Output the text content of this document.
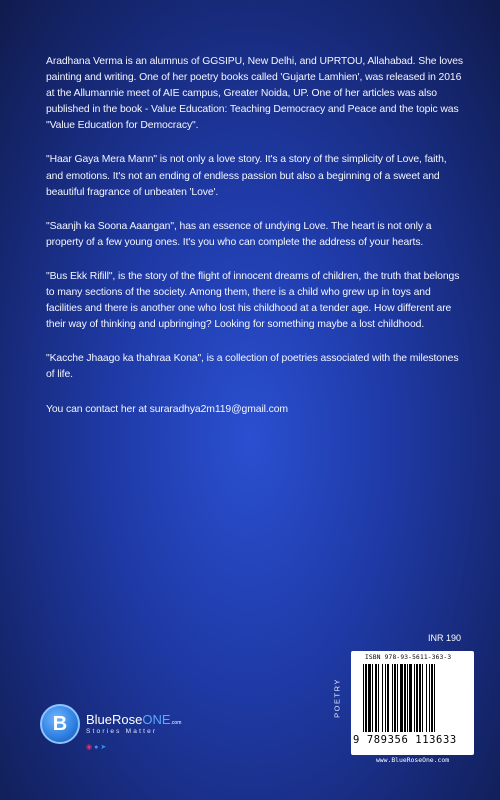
Aradhana Verma is an alumnus of GGSIPU, New Delhi, and UPRTOU, Allahabad. She loves painting and writing. One of her poetry books called 'Gujarte Lamhien', was released in 2016 at the Allumannie meet of AIE campus, Greater Noida, UP. One of her articles was also published in the book - Value Education: Teaching Democracy and Peace and the topic was "Value Education for Democracy".

"Haar Gaya Mera Mann" is not only a love story. It's a story of the simplicity of Love, faith, and emotions. It's not an ending of endless passion but also a beginning of a sweet and beautiful fragrance of unbeaten 'Love'.

"Saanjh ka Soona Aaangan", has an essence of undying Love. The heart is not only a property of a few young ones. It's you who can complete the address of your hearts.

"Bus Ekk Rifill", is the story of the flight of innocent dreams of children, the truth that belongs to many sections of the society. Among them, there is a child who grew up in toys and facilities and there is another one who lost his childhood at a tender age. How different are their way of thinking and upbringing? Looking for something maybe a lost childhood.

"Kacche Jhaago ka thahraa Kona", is a collection of poetries associated with the milestones of life.

You can contact her at suraradhya2m119@gmail.com

B	BlueRoseONE.com
Stories Matter
◉ ● ➤
INR 190
POETRY
ISBN 978-93-5611-363-3
9 789356 113633
www.BlueRoseOne.com
